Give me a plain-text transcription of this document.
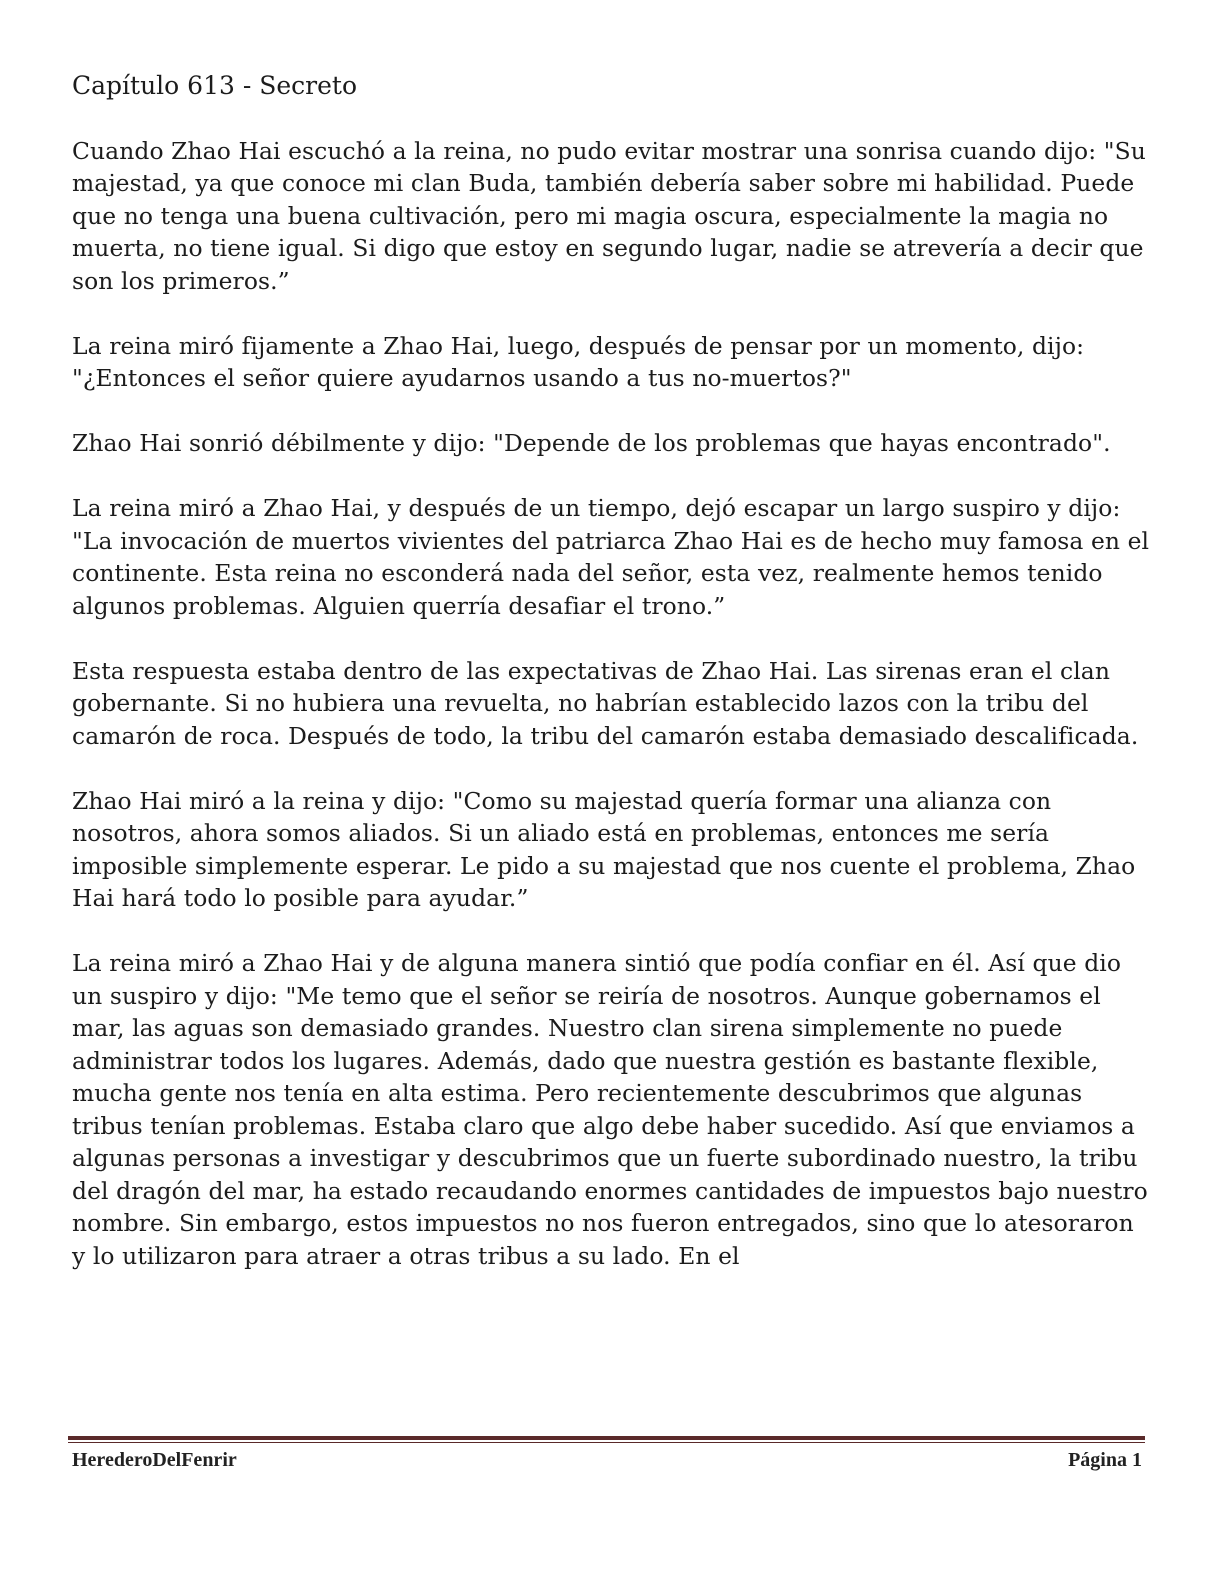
Capítulo 613 - Secreto

Cuando Zhao Hai escuchó a la reina, no pudo evitar mostrar una sonrisa cuando dijo: "Su majestad, ya que conoce mi clan Buda, también debería saber sobre mi habilidad. Puede que no tenga una buena cultivación, pero mi magia oscura, especialmente la magia no muerta, no tiene igual. Si digo que estoy en segundo lugar, nadie se atrevería a decir que son los primeros.”

La reina miró fijamente a Zhao Hai, luego, después de pensar por un momento, dijo: "¿Entonces el señor quiere ayudarnos usando a tus no-muertos?"

Zhao Hai sonrió débilmente y dijo: "Depende de los problemas que hayas encontrado".

La reina miró a Zhao Hai, y después de un tiempo, dejó escapar un largo suspiro y dijo: "La invocación de muertos vivientes del patriarca Zhao Hai es de hecho muy famosa en el continente. Esta reina no esconderá nada del señor, esta vez, realmente hemos tenido algunos problemas. Alguien querría desafiar el trono.”

Esta respuesta estaba dentro de las expectativas de Zhao Hai. Las sirenas eran el clan gobernante. Si no hubiera una revuelta, no habrían establecido lazos con la tribu del camarón de roca. Después de todo, la tribu del camarón estaba demasiado descalificada.

Zhao Hai miró a la reina y dijo: "Como su majestad quería formar una alianza con nosotros, ahora somos aliados. Si un aliado está en problemas, entonces me sería imposible simplemente esperar. Le pido a su majestad que nos cuente el problema, Zhao Hai hará todo lo posible para ayudar.”

La reina miró a Zhao Hai y de alguna manera sintió que podía confiar en él. Así que dio un suspiro y dijo: "Me temo que el señor se reiría de nosotros. Aunque gobernamos el mar, las aguas son demasiado grandes. Nuestro clan sirena simplemente no puede administrar todos los lugares. Además, dado que nuestra gestión es bastante flexible, mucha gente nos tenía en alta estima. Pero recientemente descubrimos que algunas tribus tenían problemas. Estaba claro que algo debe haber sucedido. Así que enviamos a algunas personas a investigar y descubrimos que un fuerte subordinado nuestro, la tribu del dragón del mar, ha estado recaudando enormes cantidades de impuestos bajo nuestro nombre. Sin embargo, estos impuestos no nos fueron entregados, sino que lo atesoraron y lo utilizaron para atraer a otras tribus a su lado. En el

HerederoDelFenrir	Página 1
